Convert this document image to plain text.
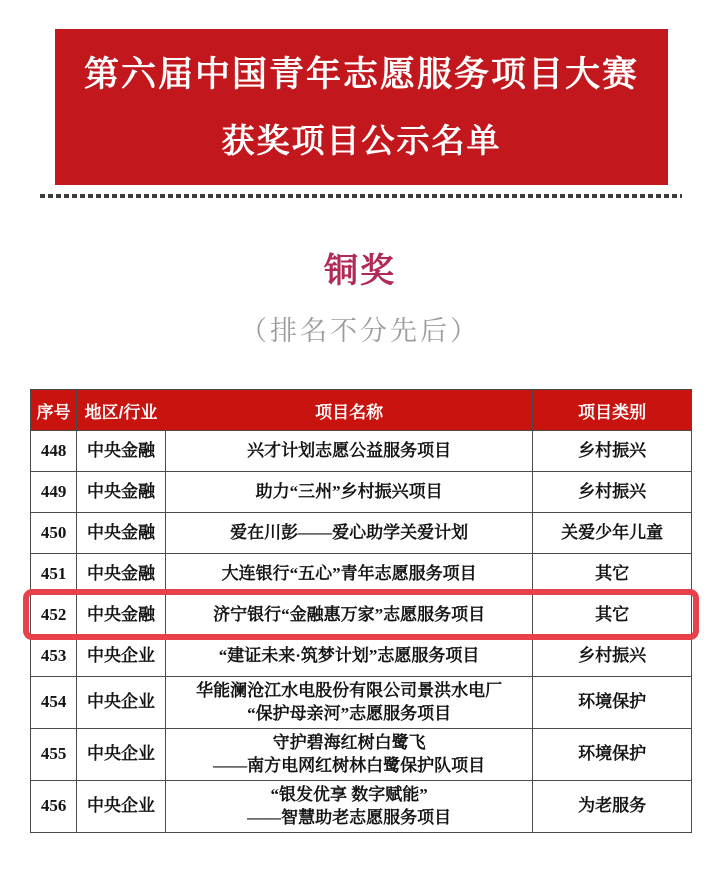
第六届中国青年志愿服务项目大赛
获奖项目公示名单
铜奖
（排名不分先后）
序号	地区/行业	项目名称	项目类别
448	中央金融	兴才计划志愿公益服务项目	乡村振兴
449	中央金融	助力“三州”乡村振兴项目	乡村振兴
450	中央金融	爱在川彭——爱心助学关爱计划	关爱少年儿童
451	中央金融	大连银行“五心”青年志愿服务项目	其它
452	中央金融	济宁银行“金融惠万家”志愿服务项目	其它
453	中央企业	“建证未来·筑梦计划”志愿服务项目	乡村振兴
454	中央企业	华能澜沧江水电股份有限公司景洪水电厂
“保护母亲河”志愿服务项目	环境保护
455	中央企业	守护碧海红树白鹭飞
——南方电网红树林白鹭保护队项目	环境保护
456	中央企业	“银发优享 数字赋能”
——智慧助老志愿服务项目	为老服务
